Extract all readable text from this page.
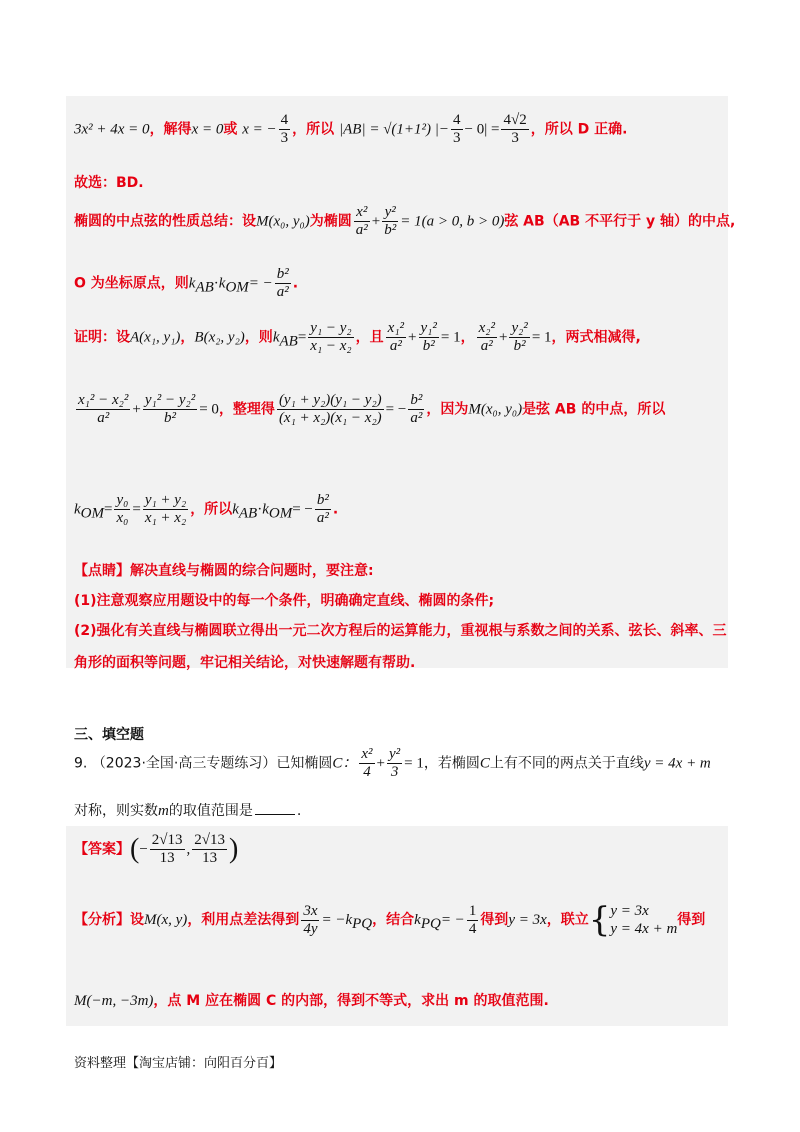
3x² + 4x = 0，解得x = 0或 x = − $\frac{4}{3}$ ，所以 |AB| = √(1+1²) |− $\frac{4}{3} - 0| = \frac{4√2}{3}$ ，所以 D 正确.
故选：BD.
椭圆的中点弦的性质总结：设M(x₀, y₀)为椭圆 $\frac{\text{x²}}{\text{a²}} + \frac{\text{y²}}{\text{b²}} = 1(a > 0$, b > 0)弦 AB（AB 不平行于 y 轴）的中点,
O 为坐标原点，则$k_{AB}\cdot k_{OM}= - \frac{\text{b²}}{\text{a²}}$ .
证明：设A(x₁, y₁)，B(x₂, y₂)，则$k_{AB}= \frac{\text{y₁ − y₂}}{\text{x₁ − x₂}}$ ，且 $\frac{\text{x₁²}}{\text{a²}} + \frac{\text{y₁²}}{\text{b²}} = 1$， $\frac{\text{x₂²}}{\text{a²}} + \frac{\text{y₂²}}{\text{b²}} = 1$，两式相减得,
$\frac{\text{x₁² − x₂²}}{\text{a²}} + \frac{\text{y₁² − y₂²}}{\text{b²}} = 0$，整理得 $\frac{\text{(y₁ + y₂)(y₁ − y₂)}}{\text{(x₁ + x₂)(x₁ − x₂)}}$ = − $\frac{\text{b²}}{\text{a²}}$ ，因为M(x₀, y₀)是弦 AB 的中点，所以
$k_{OM}= \frac{\text{y₀}}{\text{x₀}} = \frac{\text{y₁ + y₂}}{\text{x₁ + x₂}}$ ，所以$k_{AB}\cdot k_{OM}= - \frac{\text{b²}}{\text{a²}}$ .
【点睛】解决直线与椭圆的综合问题时，要注意:
(1)注意观察应用题设中的每一个条件，明确确定直线、椭圆的条件;
(2)强化有关直线与椭圆联立得出一元二次方程后的运算能力，重视根与系数之间的关系、弦长、斜率、三
角形的面积等问题，牢记相关结论，对快速解题有帮助.
三、填空题
9. （2023·全国·高三专题练习）已知椭圆C： $\frac{\text{x²}}{4} + \frac{\text{y²}}{3} = 1$，若椭圆C上有不同的两点关于直线y = 4x + m
对称，则实数m的取值范围是	.
【答案】(− $\frac{2√13}{13}$ , $\frac{2√13}{13}$ )
【分析】设M(x, y)，利用点差法得到 $\frac{3x}{4y} = -k_{PQ}$，结合$k_{PQ}= - \frac{1}{4}$ 得到y = 3x，联立{ y = 3x
y = 4x + m
得到
M(−m, −3m)，点 M 应在椭圆 C 的内部，得到不等式，求出 m 的取值范围.
资料整理【淘宝店铺：向阳百分百】
